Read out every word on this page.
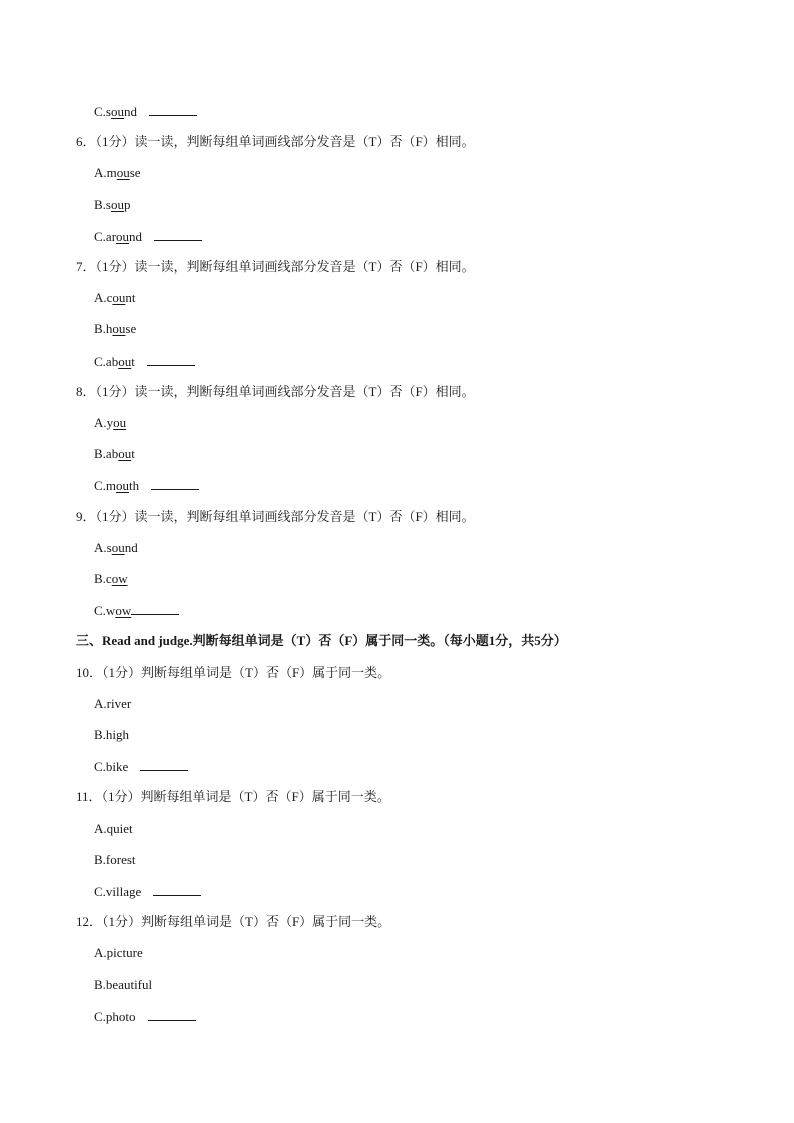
C.sound
6．（1分）读一读，判断每组单词画线部分发音是（T）否（F）相同。
A.mouse
B.soup
C.around
7．（1分）读一读，判断每组单词画线部分发音是（T）否（F）相同。
A.count
B.house
C.about
8．（1分）读一读，判断每组单词画线部分发音是（T）否（F）相同。
A.you
B.about
C.mouth
9．（1分）读一读，判断每组单词画线部分发音是（T）否（F）相同。
A.sound
B.cow
C.wow
三、Read and judge.判断每组单词是（T）否（F）属于同一类。（每小题1分，共5分）
10．（1分）判断每组单词是（T）否（F）属于同一类。
A.river
B.high
C.bike
11．（1分）判断每组单词是（T）否（F）属于同一类。
A.quiet
B.forest
C.village
12．（1分）判断每组单词是（T）否（F）属于同一类。
A.picture
B.beautiful
C.photo
